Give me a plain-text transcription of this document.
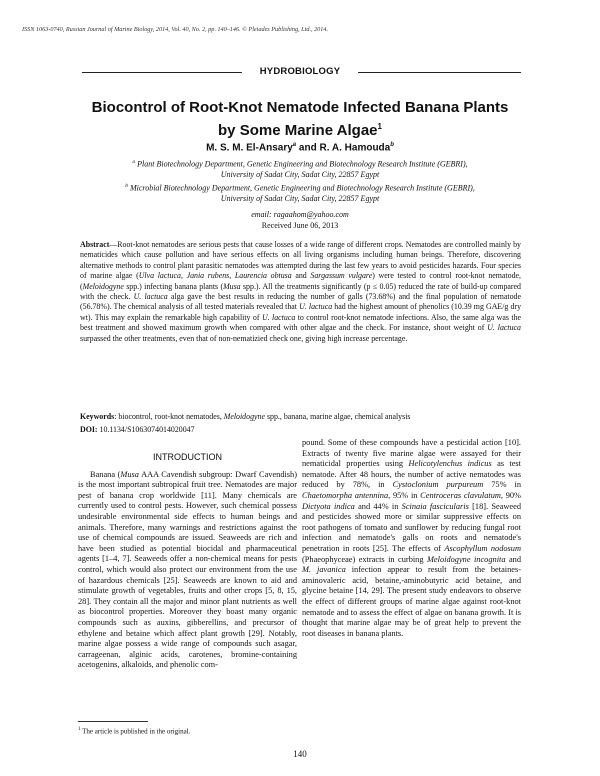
ISSN 1063-0740, Russian Journal of Marine Biology, 2014, Vol. 40, No. 2, pp. 140–146. © Pleiades Publishing, Ltd., 2014.
HYDROBIOLOGY
Biocontrol of Root-Knot Nematode Infected Banana Plants
by Some Marine Algae$^1$
M. S. M. El-Ansary$^a$ and R. A. Hamouda$^b$
$^a$ Plant Biotechnology Department, Genetic Engineering and Biotechnology Research Institute (GEBRI),
University of Sadat City, Sadat City, 22857 Egypt
$^b$ Microbial Biotechnology Department, Genetic Engineering and Biotechnology Research Institute (GEBRI),
University of Sadat City, Sadat City, 22857 Egypt
email: ragaahom@yahoo.com
Received June 06, 2013
Abstract—Root-knot nematodes are serious pests that cause losses of a wide range of different crops. Nematodes are controlled mainly by nematicides which cause pollution and have serious effects on all living organisms including human beings. Therefore, discovering alternative methods to control plant parasitic nematodes was attempted during the last few years to avoid pesticides hazards. Four species of marine algae (Ulva lactuca, Jania rubens, Laurencia obtusa and Sargassum vulgare) were tested to control root-knot nematode, (Meloidogyne spp.) infecting banana plants (Musa spp.). All the treatments significantly (p ≤ 0.05) reduced the rate of build-up compared with the check. U. lactuca alga gave the best results in reducing the number of galls (73.68%) and the final population of nematode (56.78%). The chemical analysis of all tested materials revealed that U. lactuca had the highest amount of phenolics (10.39 mg GAE/g dry wt). This may explain the remarkable high capability of U. lactuca to control root-knot nematode infections. Also, the same alga was the best treatment and showed maximum growth when compared with other algae and the check. For instance, shoot weight of U. lactuca surpassed the other treatments, even that of non-nematizied check one, giving high increase percentage.
Keywords: biocontrol, root-knot nematodes, Meloidogyne spp., banana, marine algae, chemical analysis
DOI: 10.1134/S1063074014020047
INTRODUCTION

Banana (Musa AAA Cavendish subgroup: Dwarf Cavendish) is the most important subtropical fruit tree. Nematodes are major pest of banana crop worldwide [11]. Many chemicals are currently used to control pests. However, such chemical possess undesirable environmental side effects to human beings and animals. Therefore, many warnings and restrictions against the use of chemical compounds are issued. Seaweeds are rich and have been studied as potential biocidal and pharmaceutical agents [1–4, 7]. Seaweeds offer a non-chemical means for pests control, which would also protect our environment from the use of hazardous chemicals [25]. Seaweeds are known to aid and stimulate growth of vegetables, fruits and other crops [5, 8, 15, 28]. They contain all the major and minor plant nutrients as well as biocontrol properties. Moreover they boast many organic compounds such as auxins, gibberellins, and precursor of ethylene and betaine which affect plant growth [29]. Notably, marine algae possess a wide range of compounds such asagar, carrageenan, alginic acids, carotenes, bromine-containing acetogenins, alkaloids, and phenolic com-

pound. Some of these compounds have a pesticidal action [10]. Extracts of twenty five marine algae were assayed for their nematicidal properties using Helicotylenchus indicus as test nematode. After 48 hours, the number of active nematodes was reduced by 78%, in Cystoclonium purpureum 75% in Chaetomorpha antennina, 95% in Centroceras clavulatum, 90% Dictyota indica and 44% in Scinaia fascicularis [18]. Seaweed and pesticides showed more or similar suppressive effects on root pathogens of tomato and sunflower by reducing fungal root infection and nematode's galls on roots and nematode's penetration in roots [25]. The effects of Ascophyllum nodosum (Phaeophyceae) extracts in curbing Meloidogyne incognita and M. javanica infection appear to result from the betaines-aminovaleric acid, betaine,-aminobutyric acid betaine, and glycine betaine [14, 29]. The present study endeavors to observe the effect of different groups of marine algae against root-knot nematode and to assess the effect of algae on banana growth. It is thought that marine algae may be of great help to prevent the root diseases in banana plants.

$^1$ The article is published in the original.
140
